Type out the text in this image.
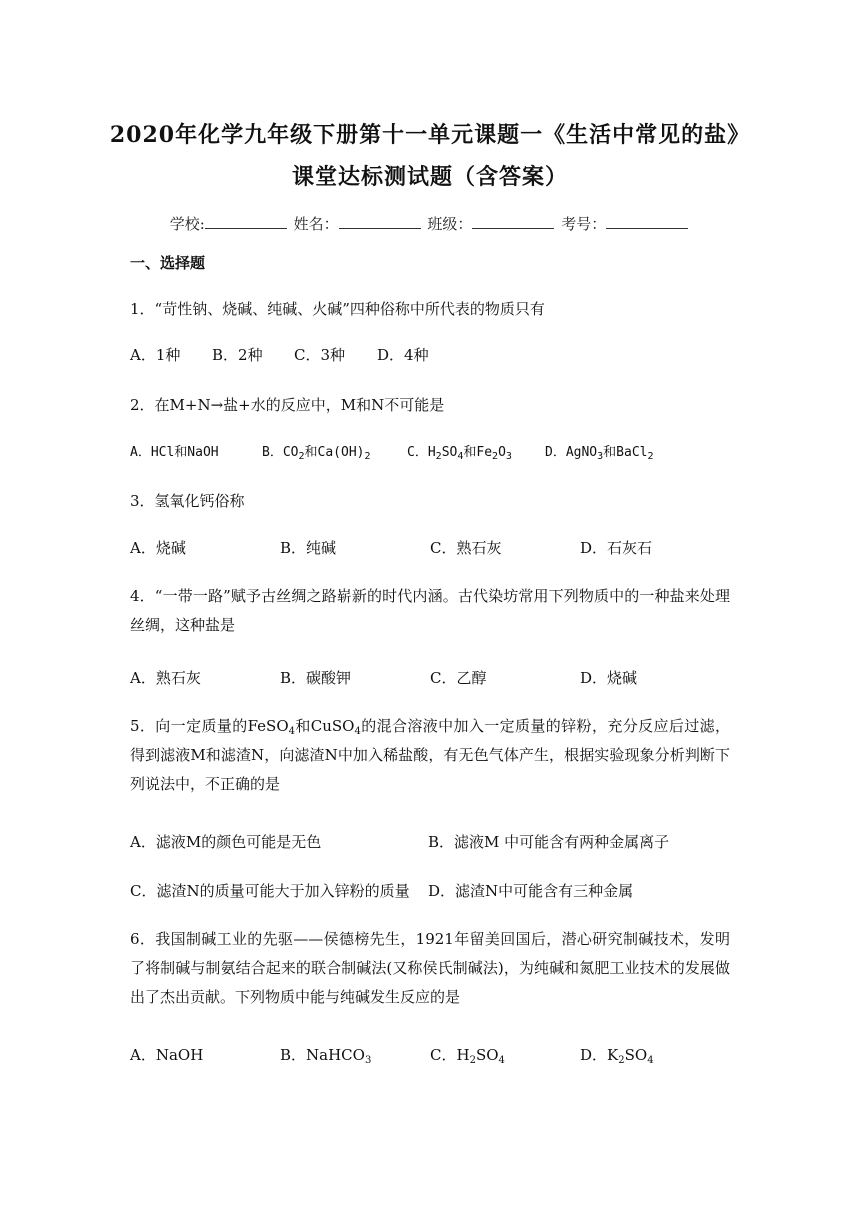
2020年化学九年级下册第十一单元课题一《生活中常见的盐》
课堂达标测试题（含答案）
学校:	姓名：	班级：	考号：
一、选择题
1．“苛性钠、烧碱、纯碱、火碱”四种俗称中所代表的物质只有
A．1种 B．2种 C．3种 D．4种
2．在M+N→盐+水的反应中，M和N不可能是
A．HCl和NaOH	B．$CO_2$和$Ca(OH)_2$	C．$H_2SO_4$和$Fe_2O_3$	D．AgNO$_3$和BaCl$_2$
3．氢氧化钙俗称
A．烧碱	B．纯碱	C．熟石灰	D．石灰石
4．“一带一路”赋予古丝绸之路崭新的时代内涵。古代染坊常用下列物质中的一种盐来处理丝绸，这种盐是
A．熟石灰	B．碳酸钾	C．乙醇	D．烧碱
5．向一定质量的FeSO$_4$和CuSO$_4$的混合溶液中加入一定质量的锌粉，充分反应后过滤，得到滤液M和滤渣N，向滤渣N中加入稀盐酸，有无色气体产生，根据实验现象分析判断下列说法中，不正确的是
A．滤液M的颜色可能是无色	B．滤液M 中可能含有两种金属离子
C．滤渣N的质量可能大于加入锌粉的质量 D．滤渣N中可能含有三种金属
6．我国制碱工业的先驱——侯德榜先生，1921年留美回国后，潜心研究制碱技术，发明了将制碱与制氨结合起来的联合制碱法(又称侯氏制碱法)，为纯碱和氮肥工业技术的发展做出了杰出贡献。下列物质中能与纯碱发生反应的是
A．NaOH	B．NaHCO$_3$	C．$H_2SO_4$	D．$K_2SO_4$
